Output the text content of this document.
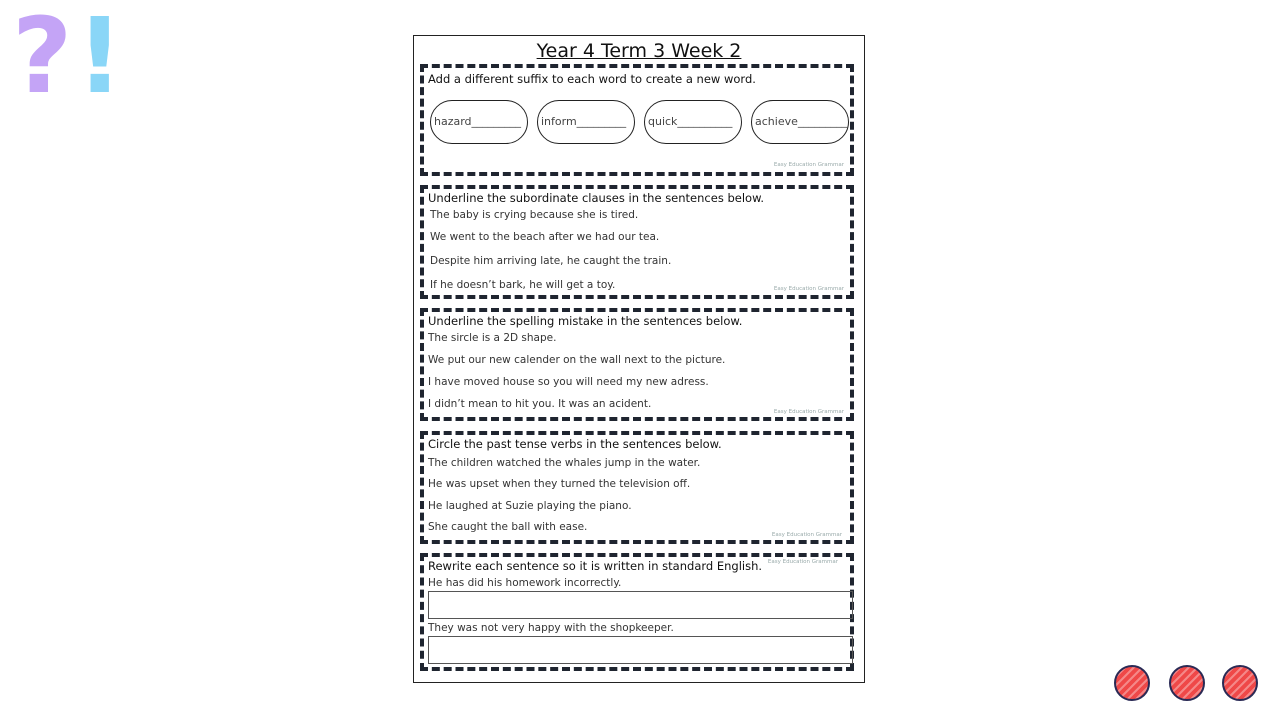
? !	Year 4 Term 3 Week 2
Add a different suffix to each word to create a new word.
hazard_________	inform_________	quick__________	achieve_________
Easy Education Grammar
Underline the subordinate clauses in the sentences below.
The baby is crying because she is tired.
We went to the beach after we had our tea.
Despite him arriving late, he caught the train.
If he doesn’t bark, he will get a toy.	Easy Education Grammar
Underline the spelling mistake in the sentences below.
The sircle is a 2D shape.
We put our new calender on the wall next to the picture.
I have moved house so you will need my new adress.
I didn’t mean to hit you. It was an acident.
Easy Education Grammar
Circle the past tense verbs in the sentences below.
The children watched the whales jump in the water.
He was upset when they turned the television off.
He laughed at Suzie playing the piano.
She caught the ball with ease.
Easy Education Grammar
Rewrite each sentence so it is written in standard English. Easy Education Grammar
He has did his homework incorrectly.
They was not very happy with the shopkeeper.
